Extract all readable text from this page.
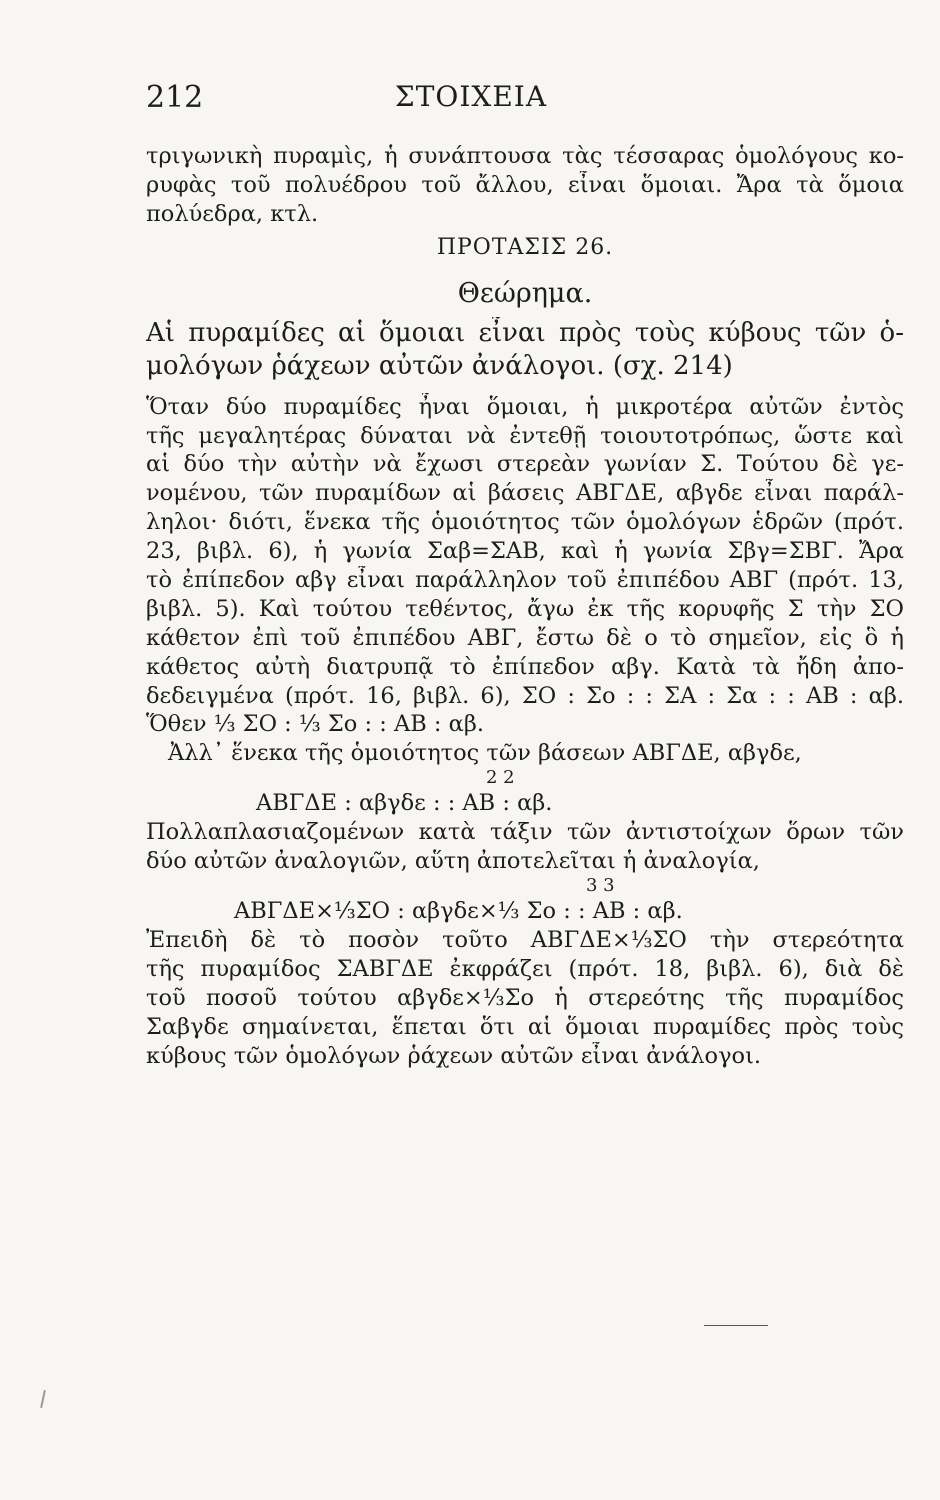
212	ΣΤΟΙΧΕΙΑ
τριγωνικὴ πυραμὶς, ἡ συνάπτουσα τὰς τέσσαρας ὁμολόγους κο-
ρυφὰς τοῦ πολυέδρου τοῦ ἄλλου, εἶναι ὅμοιαι. Ἄρα τὰ ὅμοια
πολύεδρα, κτλ.
ΠΡΟΤΑΣΙΣ 26.
Θεώρημα.
Αἱ πυραμίδες αἱ ὅμοιαι εἶναι πρὸς τοὺς κύβους τῶν ὁ-
μολόγων ῥάχεων αὐτῶν ἀνάλογοι. (σχ. 214)
Ὅταν δύο πυραμίδες ἦναι ὅμοιαι, ἡ μικροτέρα αὐτῶν ἐντὸς
τῆς μεγαλητέρας δύναται νὰ ἐντεθῇ τοιουτοτρόπως, ὥστε καὶ
αἱ δύο τὴν αὐτὴν νὰ ἔχωσι στερεὰν γωνίαν Σ. Τούτου δὲ γε-
νομένου, τῶν πυραμίδων αἱ βάσεις ΑΒΓΔΕ, αβγδε εἶναι παράλ-
ληλοι· διότι, ἕνεκα τῆς ὁμοιότητος τῶν ὁμολόγων ἑδρῶν (πρότ.
23, βιβλ. 6), ἡ γωνία Σαβ=ΣΑΒ, καὶ ἡ γωνία Σβγ=ΣΒΓ. Ἄρα
τὸ ἐπίπεδον αβγ εἶναι παράλληλον τοῦ ἐπιπέδου ΑΒΓ (πρότ. 13,
βιβλ. 5). Καὶ τούτου τεθέντος, ἄγω ἐκ τῆς κορυφῆς Σ τὴν ΣΟ
κάθετον ἐπὶ τοῦ ἐπιπέδου ΑΒΓ, ἔστω δὲ ο τὸ σημεῖον, εἰς ὃ ἡ
κάθετος αὐτὴ διατρυπᾷ τὸ ἐπίπεδον αβγ. Κατὰ τὰ ἤδη ἀπο-
δεδειγμένα (πρότ. 16, βιβλ. 6), ΣΟ : Σο : : ΣΑ : Σα : : ΑΒ : αβ.
Ὅθεν ⅓ ΣΟ : ⅓ Σο : : ΑΒ : αβ.
Ἀλλ᾽ ἕνεκα τῆς ὁμοιότητος τῶν βάσεων ΑΒΓΔΕ, αβγδε,
2 2
ΑΒΓΔΕ : αβγδε : : ΑΒ : αβ.
Πολλαπλασιαζομένων κατὰ τάξιν τῶν ἀντιστοίχων ὅρων τῶν
δύο αὐτῶν ἀναλογιῶν, αὕτη ἀποτελεῖται ἡ ἀναλογία,
3 3
ΑΒΓΔΕ×⅓ΣΟ : αβγδε×⅓ Σο : : ΑΒ : αβ.
Ἐπειδὴ δὲ τὸ ποσὸν τοῦτο ΑΒΓΔΕ×⅓ΣΟ τὴν στερεότητα
τῆς πυραμίδος ΣΑΒΓΔΕ ἐκφράζει (πρότ. 18, βιβλ. 6), διὰ δὲ
τοῦ ποσοῦ τούτου αβγδε×⅓Σο ἡ στερεότης τῆς πυραμίδος
Σαβγδε σημαίνεται, ἕπεται ὅτι αἱ ὅμοιαι πυραμίδες πρὸς τοὺς
κύβους τῶν ὁμολόγων ῥάχεων αὐτῶν εἶναι ἀνάλογοι.
